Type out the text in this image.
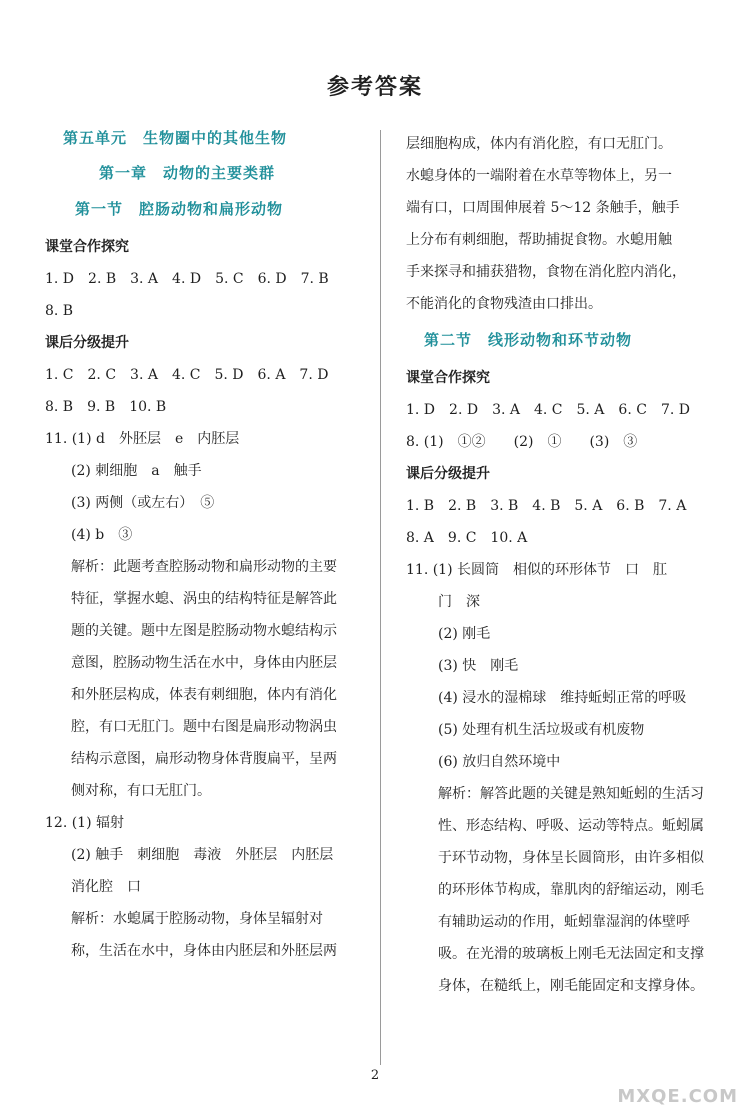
参考答案
第五单元　生物圈中的其他生物
第一章　动物的主要类群
第一节　腔肠动物和扁形动物

课堂合作探究

1. D　2. B　3. A　4. D　5. C　6. D　7. B

8. B

课后分级提升

1. C　2. C　3. A　4. C　5. D　6. A　7. D

8. B　9. B　10. B

11. (1) d　外胚层　e　内胚层

(2) 刺细胞　a　触手

(3) 两侧（或左右）　⑤

(4) b　③

解析：此题考查腔肠动物和扁形动物的主要

特征，掌握水螅、涡虫的结构特征是解答此

题的关键。题中左图是腔肠动物水螅结构示

意图，腔肠动物生活在水中，身体由内胚层

和外胚层构成，体表有刺细胞，体内有消化

腔，有口无肛门。题中右图是扁形动物涡虫

结构示意图，扁形动物身体背腹扁平，呈两

侧对称，有口无肛门。

12. (1) 辐射

(2) 触手　刺细胞　毒液　外胚层　内胚层

消化腔　口

解析：水螅属于腔肠动物，身体呈辐射对

称，生活在水中，身体由内胚层和外胚层两

层细胞构成，体内有消化腔，有口无肛门。

水螅身体的一端附着在水草等物体上，另一

端有口，口周围伸展着 5～12 条触手，触手

上分布有刺细胞，帮助捕捉食物。水螅用触

手来探寻和捕获猎物，食物在消化腔内消化，

不能消化的食物残渣由口排出。

第二节　线形动物和环节动物

课堂合作探究

1. D　2. D　3. A　4. C　5. A　6. C　7. D

8. (1)　①②　　(2)　①　　(3)　③

课后分级提升

1. B　2. B　3. B　4. B　5. A　6. B　7. A

8. A　9. C　10. A

11. (1) 长圆筒　相似的环形体节　口　肛

门　深

(2) 刚毛

(3) 快　刚毛

(4) 浸水的湿棉球　维持蚯蚓正常的呼吸

(5) 处理有机生活垃圾或有机废物

(6) 放归自然环境中

解析：解答此题的关键是熟知蚯蚓的生活习

性、形态结构、呼吸、运动等特点。蚯蚓属

于环节动物，身体呈长圆筒形，由许多相似

的环形体节构成，靠肌肉的舒缩运动，刚毛

有辅助运动的作用，蚯蚓靠湿润的体壁呼

吸。在光滑的玻璃板上刚毛无法固定和支撑

身体，在糙纸上，刚毛能固定和支撑身体。

2
MXQE.COM
